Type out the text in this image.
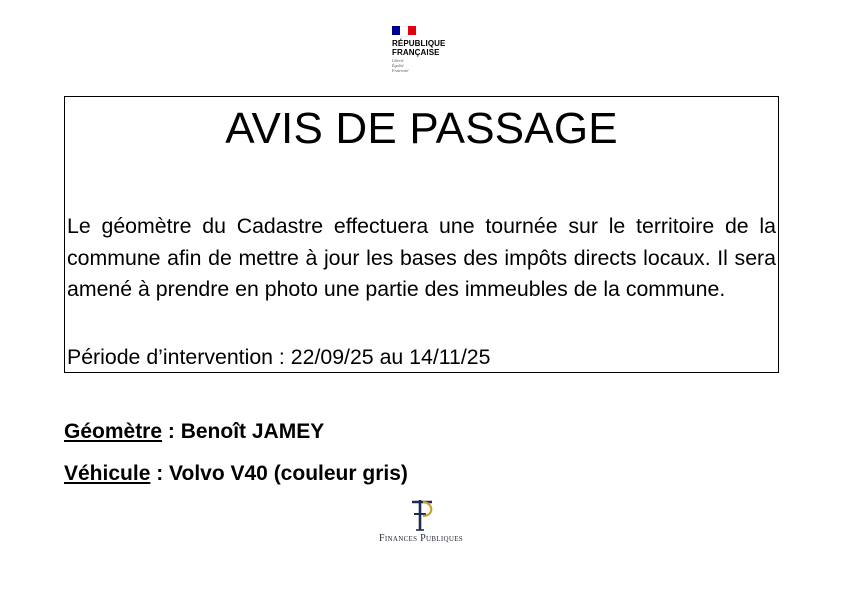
RÉPUBLIQUE
FRANÇAISE
Liberté
Égalité
Fraternité
AVIS DE PASSAGE
Le géomètre du Cadastre effectuera une tournée sur le territoire de la commune afin de mettre à jour les bases des impôts directs locaux. Il sera amené à prendre en photo une partie des immeubles de la commune.
Période d’intervention : 22/09/25 au 14/11/25
Géomètre : Benoît JAMEY
Véhicule : Volvo V40 (couleur gris)
Finances Publiques
